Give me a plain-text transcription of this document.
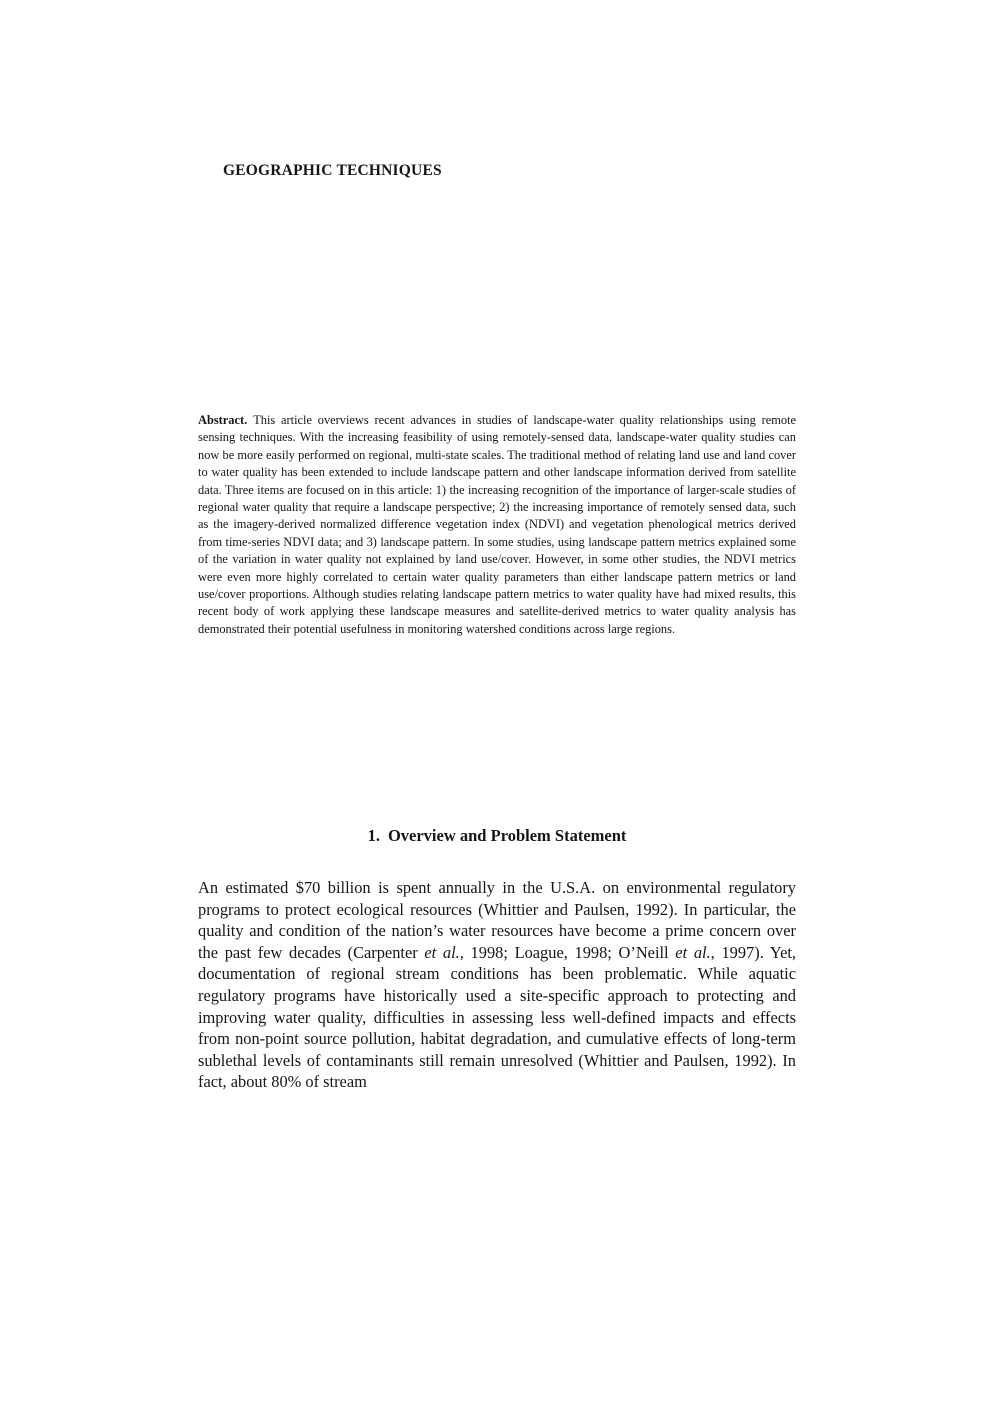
GEOGRAPHIC TECHNIQUES
Abstract. This article overviews recent advances in studies of landscape-water quality relationships using remote sensing techniques. With the increasing feasibility of using remotely-sensed data, landscape-water quality studies can now be more easily performed on regional, multi-state scales. The traditional method of relating land use and land cover to water quality has been extended to include landscape pattern and other landscape information derived from satellite data. Three items are focused on in this article: 1) the increasing recognition of the importance of larger-scale studies of regional water quality that require a landscape perspective; 2) the increasing importance of remotely sensed data, such as the imagery-derived normalized difference vegetation index (NDVI) and vegetation phenological metrics derived from time-series NDVI data; and 3) landscape pattern. In some studies, using landscape pattern metrics explained some of the variation in water quality not explained by land use/cover. However, in some other studies, the NDVI metrics were even more highly correlated to certain water quality parameters than either landscape pattern metrics or land use/cover proportions. Although studies relating landscape pattern metrics to water quality have had mixed results, this recent body of work applying these landscape measures and satellite-derived metrics to water quality analysis has demonstrated their potential usefulness in monitoring watershed conditions across large regions.
1. Overview and Problem Statement
An estimated $70 billion is spent annually in the U.S.A. on environmental regulatory programs to protect ecological resources (Whittier and Paulsen, 1992). In particular, the quality and condition of the nation’s water resources have become a prime concern over the past few decades (Carpenter et al., 1998; Loague, 1998; O’Neill et al., 1997). Yet, documentation of regional stream conditions has been problematic. While aquatic regulatory programs have historically used a site-specific approach to protecting and improving water quality, difficulties in assessing less well-defined impacts and effects from non-point source pollution, habitat degradation, and cumulative effects of long-term sublethal levels of contaminants still remain unresolved (Whittier and Paulsen, 1992). In fact, about 80% of stream
